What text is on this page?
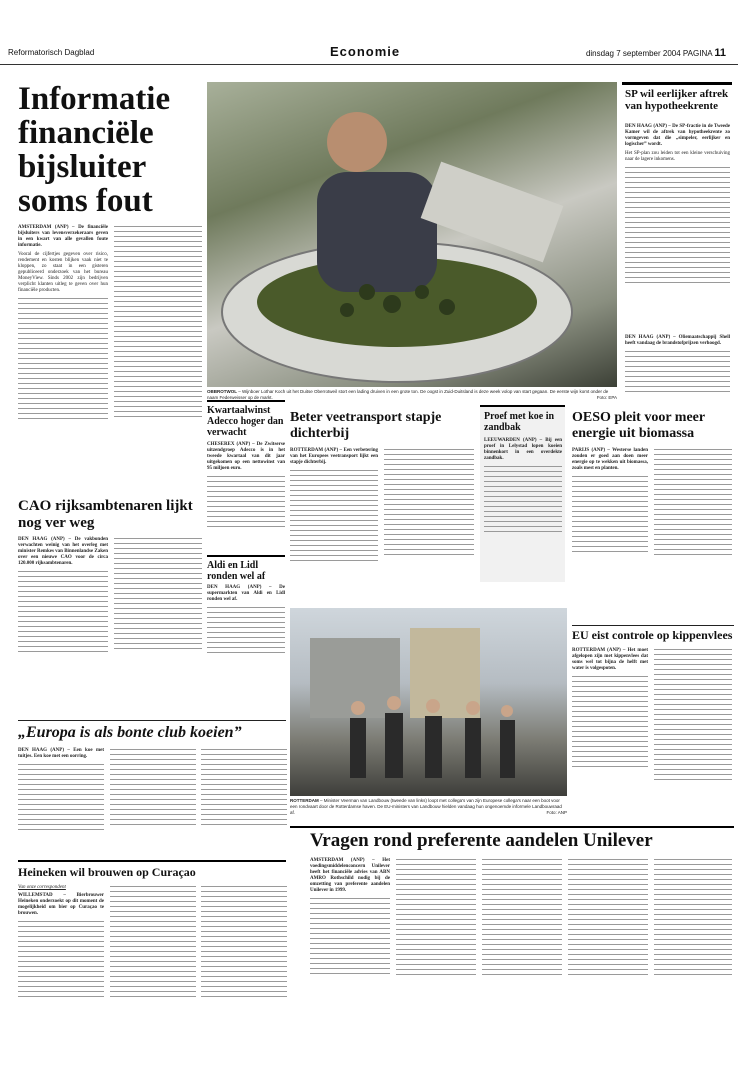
Reformatorisch Dagblad	Economie	dinsdag 7 september 2004 PAGINA 11
Informatie financiële bijsluiter soms fout
AMSTERDAM (ANP) – De financiële bijsluiters van levensverzekeraars geven in een kwart van alle gevallen foute informatie.
Vooral de cijfertjes gegeven over risico, rendement en kosten blijken vaak niet te kloppen, zo staat in een gisteren gepubliceerd onderzoek van het bureau MoneyView. Sinds 2002 zijn bedrijven verplicht klanten uitleg te geven over hun financiële producten.
OBBROTWOL – Wijnboer Lothar Koch uit het Duitse Oberrotweil stort een lading druiven in een grote ton. De oogst in Zuid-Duitsland is deze week volop van start gegaan. De eerste wijn komt onder de naam Federweisser op de markt.	Foto: EPA
SP wil eerlijker aftrek van hypotheekrente
DEN HAAG (ANP) – De SP-fractie in de Tweede Kamer wil de aftrek van hypotheekrente zo vormgeven dat die „simpeler, eerlijker en logischer” wordt.
Het SP-plan zou leiden tot een kleine verschuiving naar de lagere inkomens.
DEN HAAG (ANP) – Oliemaatschappij Shell heeft vandaag de brandstofprijzen verhoogd.
CAO rijksambtenaren lijkt nog ver weg
DEN HAAG (ANP) – De vakbonden verwachten weinig van het overleg met minister Remkes van Binnenlandse Zaken over een nieuwe CAO voor de circa 120.000 rijksambtenaren.
Kwartaalwinst Adecco hoger dan verwacht
CHESEREX (ANP) – De Zwitserse uitzendgroep Adecco is in het tweede kwartaal van dit jaar uitgekomen op een nettowinst van 95 miljoen euro.
Aldi en Lidl ronden wel af
DEN HAAG (ANP) – De supermarkten van Aldi en Lidl ronden wel af.
Beter veetransport stapje dichterbij
ROTTERDAM (ANP) – Een verbetering van het Europees veetransport lijkt een stapje dichterbij.
Proef met koe in zandbak
LEEUWARDEN (ANP) – Bij een proef in Lelystad lopen koeien binnenkort in een overdekte zandbak.
OESO pleit voor meer energie uit biomassa
PARIJS (ANP) – Westerse landen zouden er goed aan doen meer energie op te wekken uit biomassa, zoals mest en planten.
ROTTERDAM – Minister Veerman van Landbouw (tweede van links) loopt met collega's van zijn Europese collega's naar een boot voor een rondvaart door de Rotterdamse haven. De EU-ministers van Landbouw hielden vandaag hun ongenoemde informele Landbouwraad af.	Foto: ANP
EU eist controle op kippenvlees
ROTTERDAM (ANP) – Het moet afgelopen zijn met kippenvlees dat soms wel tot bijna de helft met water is volgespoten.
„Europa is als bonte club koeien”
DEN HAAG (ANP) – Een koe met tuitjes. Een koe met een oorring.
Vragen rond preferente aandelen Unilever
AMSTERDAM (ANP) – Het voedingsmiddelenconcern Unilever heeft het financiële advies van ABN AMRO Rothschild nodig bij de omzetting van preferente aandelen Unilever in 1999.
Heineken wil brouwen op Curaçao
Van onze correspondent
WILLEMSTAD – Bierbrouwer Heineken onderzoekt op dit moment de mogelijkheid om bier op Curaçao te brouwen.
